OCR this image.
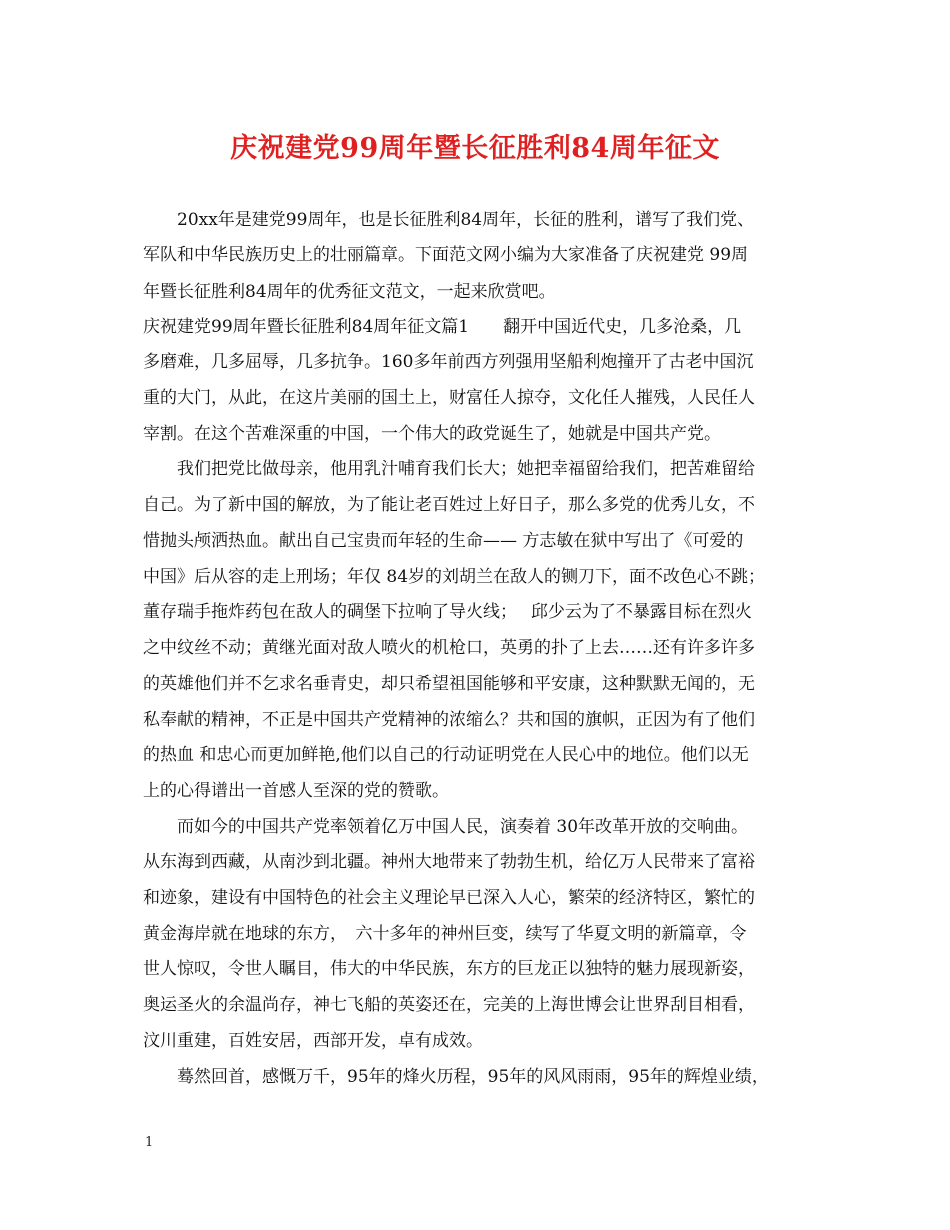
庆祝建党99周年暨长征胜利84周年征文
　　20xx年是建党99周年，也是长征胜利84周年，长征的胜利，谱写了我们党、
军队和中华民族历史上的壮丽篇章。下面范文网小编为大家准备了庆祝建党 99周
年暨长征胜利84周年的优秀征文范文，一起来欣赏吧。
庆祝建党99周年暨长征胜利84周年征文篇1　　翻开中国近代史，几多沧桑，几
多磨难，几多屈辱，几多抗争。160多年前西方列强用坚船利炮撞开了古老中国沉
重的大门，从此，在这片美丽的国土上，财富任人掠夺，文化任人摧残，人民任人
宰割。在这个苦难深重的中国，一个伟大的政党诞生了，她就是中国共产党。
　　我们把党比做母亲，他用乳汁哺育我们长大；她把幸福留给我们，把苦难留给
自己。为了新中国的解放，为了能让老百姓过上好日子，那么多党的优秀儿女，不
惜抛头颅洒热血。献出自己宝贵而年轻的生命—— 方志敏在狱中写出了《可爱的
中国》后从容的走上刑场；年仅 84岁的刘胡兰在敌人的铡刀下，面不改色心不跳；
董存瑞手拖炸药包在敌人的碉堡下拉响了导火线；　 邱少云为了不暴露目标在烈火
之中纹丝不动；黄继光面对敌人喷火的机枪口，英勇的扑了上去……还有许多许多
的英雄他们并不乞求名垂青史，却只希望祖国能够和平安康，这种默默无闻的，无
私奉献的精神，不正是中国共产党精神的浓缩么？共和国的旗帜，正因为有了他们
的热血 和忠心而更加鲜艳,他们以自己的行动证明党在人民心中的地位。他们以无
上的心得谱出一首感人至深的党的赞歌。
　　而如今的中国共产党率领着亿万中国人民，演奏着 30年改革开放的交响曲。
从东海到西藏，从南沙到北疆。神州大地带来了勃勃生机，给亿万人民带来了富裕
和迹象，建设有中国特色的社会主义理论早已深入人心，繁荣的经济特区，繁忙的
黄金海岸就在地球的东方，　六十多年的神州巨变，续写了华夏文明的新篇章，令
世人惊叹，令世人瞩目，伟大的中华民族，东方的巨龙正以独特的魅力展现新姿，
奥运圣火的余温尚存，神七飞船的英姿还在，完美的上海世博会让世界刮目相看，
汶川重建，百姓安居，西部开发，卓有成效。
　　蓦然回首，感慨万千，95年的烽火历程，95年的风风雨雨，95年的辉煌业绩，
1
